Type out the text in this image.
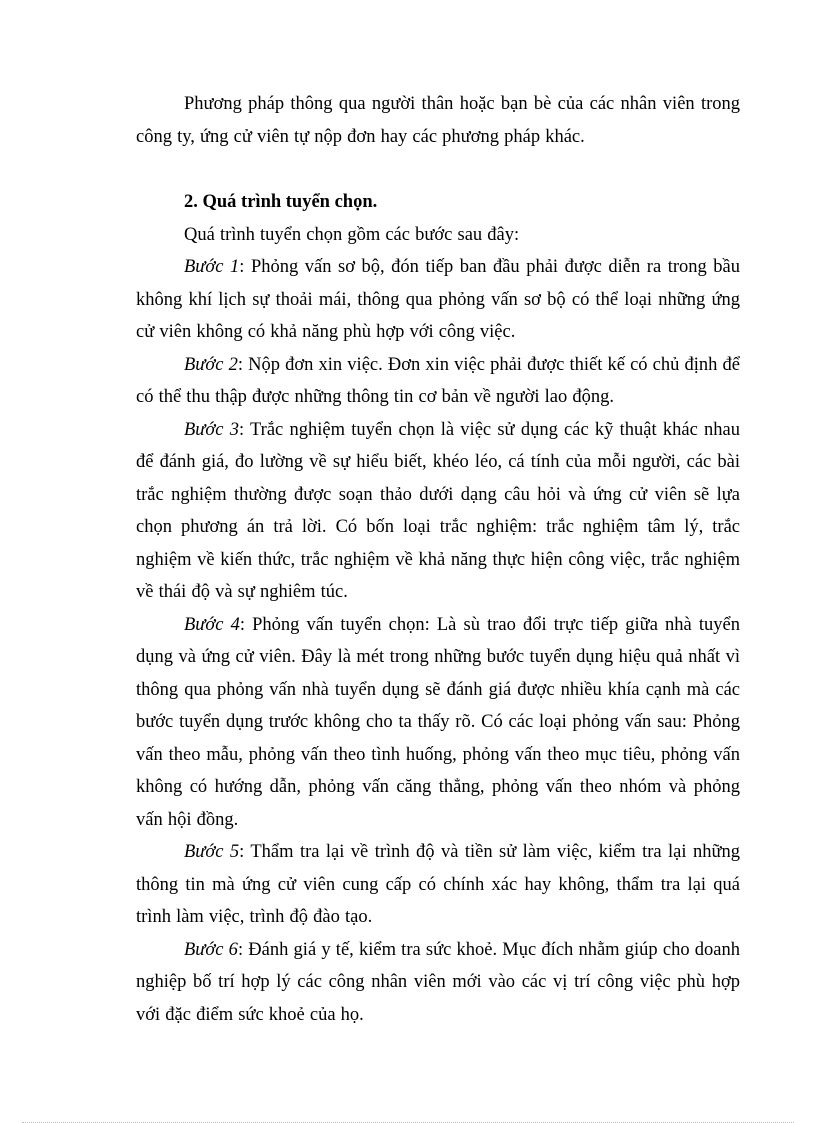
Phương pháp thông qua người thân hoặc bạn bè của các nhân viên trong công ty, ứng cử viên tự nộp đơn hay các phương pháp khác.

2. Quá trình tuyển chọn.

Quá trình tuyển chọn gồm các bước sau đây:

Bước 1: Phỏng vấn sơ bộ, đón tiếp ban đầu phải được diễn ra trong bầu không khí lịch sự thoải mái, thông qua phỏng vấn sơ bộ có thể loại những ứng cử viên không có khả năng phù hợp với công việc.

Bước 2: Nộp đơn xin việc. Đơn xin việc phải được thiết kế có chủ định để có thể thu thập được những thông tin cơ bản về người lao động.

Bước 3: Trắc nghiệm tuyển chọn là việc sử dụng các kỹ thuật khác nhau để đánh giá, đo lường về sự hiểu biết, khéo léo, cá tính của mỗi người, các bài trắc nghiệm thường được soạn thảo dưới dạng câu hỏi và ứng cử viên sẽ lựa chọn phương án trả lời. Có bốn loại trắc nghiệm: trắc nghiệm tâm lý, trắc nghiệm về kiến thức, trắc nghiệm về khả năng thực hiện công việc, trắc nghiệm về thái độ và sự nghiêm túc.

Bước 4: Phỏng vấn tuyển chọn: Là sù trao đổi trực tiếp giữa nhà tuyển dụng và ứng cử viên. Đây là mét trong những bước tuyển dụng hiệu quả nhất vì thông qua phỏng vấn nhà tuyển dụng sẽ đánh giá được nhiều khía cạnh mà các bước tuyển dụng trước không cho ta thấy rõ. Có các loại phỏng vấn sau: Phỏng vấn theo mẫu, phỏng vấn theo tình huống, phỏng vấn theo mục tiêu, phỏng vấn không có hướng dẫn, phỏng vấn căng thẳng, phỏng vấn theo nhóm và phỏng vấn hội đồng.

Bước 5: Thẩm tra lại về trình độ và tiền sử làm việc, kiểm tra lại những thông tin mà ứng cử viên cung cấp có chính xác hay không, thẩm tra lại quá trình làm việc, trình độ đào tạo.

Bước 6: Đánh giá y tế, kiểm tra sức khoẻ. Mục đích nhằm giúp cho doanh nghiệp bố trí hợp lý các công nhân viên mới vào các vị trí công việc phù hợp với đặc điểm sức khoẻ của họ.
